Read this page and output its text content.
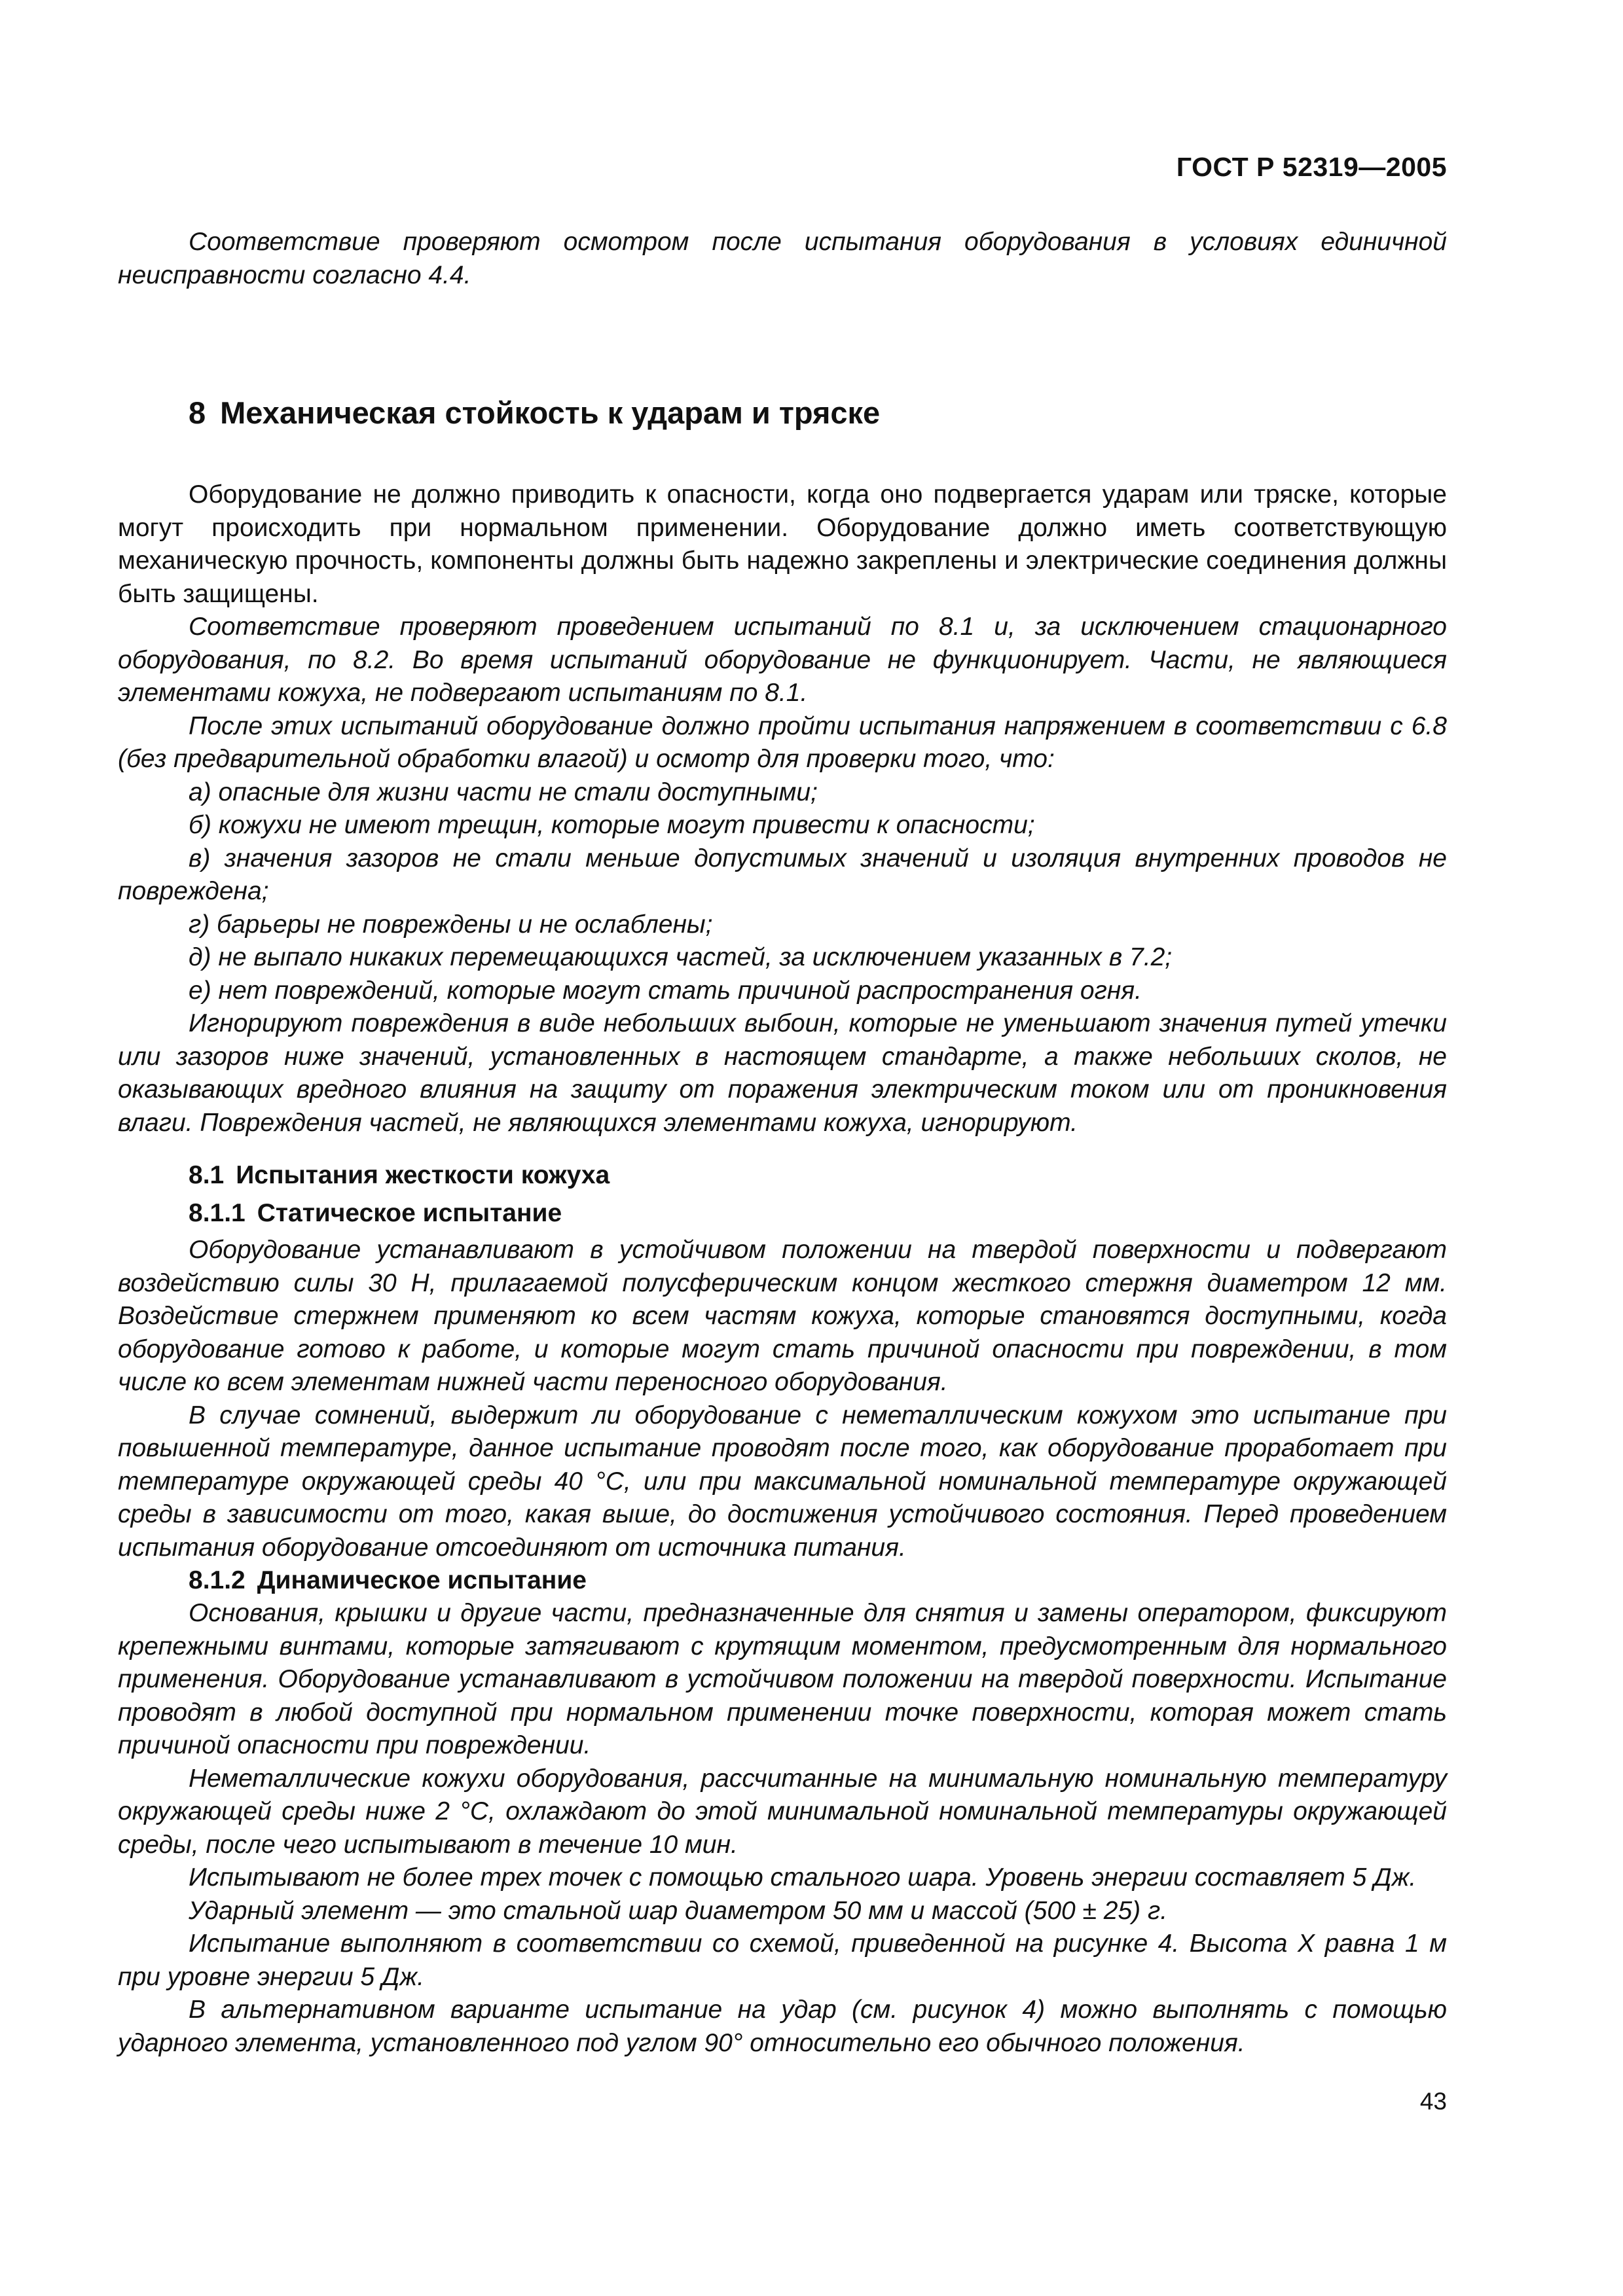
ГОСТ Р 52319—2005

Соответствие проверяют осмотром после испытания оборудования в условиях единичной неисправности согласно 4.4.

8 Механическая стойкость к ударам и тряске

Оборудование не должно приводить к опасности, когда оно подвергается ударам или тряске, которые могут происходить при нормальном применении. Оборудование должно иметь соответствующую механическую прочность, компоненты должны быть надежно закреплены и электрические соединения должны быть защищены.

Соответствие проверяют проведением испытаний по 8.1 и, за исключением стационарного оборудования, по 8.2. Во время испытаний оборудование не функционирует. Части, не являющиеся элементами кожуха, не подвергают испытаниям по 8.1.

После этих испытаний оборудование должно пройти испытания напряжением в соответствии с 6.8 (без предварительной обработки влагой) и осмотр для проверки того, что:

а) опасные для жизни части не стали доступными;

б) кожухи не имеют трещин, которые могут привести к опасности;

в) значения зазоров не стали меньше допустимых значений и изоляция внутренних проводов не повреждена;

г) барьеры не повреждены и не ослаблены;

д) не выпало никаких перемещающихся частей, за исключением указанных в 7.2;

е) нет повреждений, которые могут стать причиной распространения огня.

Игнорируют повреждения в виде небольших выбоин, которые не уменьшают значения путей утечки или зазоров ниже значений, установленных в настоящем стандарте, а также небольших сколов, не оказывающих вредного влияния на защиту от поражения электрическим током или от проникновения влаги. Повреждения частей, не являющихся элементами кожуха, игнорируют.

8.1 Испытания жесткости кожуха
8.1.1 Статическое испытание

Оборудование устанавливают в устойчивом положении на твердой поверхности и подвергают воздействию силы 30 Н, прилагаемой полусферическим концом жесткого стержня диаметром 12 мм. Воздействие стержнем применяют ко всем частям кожуха, которые становятся доступными, когда оборудование готово к работе, и которые могут стать причиной опасности при повреждении, в том числе ко всем элементам нижней части переносного оборудования.

В случае сомнений, выдержит ли оборудование с неметаллическим кожухом это испытание при повышенной температуре, данное испытание проводят после того, как оборудование проработает при температуре окружающей среды 40 °С, или при максимальной номинальной температуре окружающей среды в зависимости от того, какая выше, до достижения устойчивого состояния. Перед проведением испытания оборудование отсоединяют от источника питания.

8.1.2 Динамическое испытание

Основания, крышки и другие части, предназначенные для снятия и замены оператором, фиксируют крепежными винтами, которые затягивают с крутящим моментом, предусмотренным для нормального применения. Оборудование устанавливают в устойчивом положении на твердой поверхности. Испытание проводят в любой доступной при нормальном применении точке поверхности, которая может стать причиной опасности при повреждении.

Неметаллические кожухи оборудования, рассчитанные на минимальную номинальную температуру окружающей среды ниже 2 °С, охлаждают до этой минимальной номинальной температуры окружающей среды, после чего испытывают в течение 10 мин.

Испытывают не более трех точек с помощью стального шара. Уровень энергии составляет 5 Дж.

Ударный элемент — это стальной шар диаметром 50 мм и массой (500 ± 25) г.

Испытание выполняют в соответствии со схемой, приведенной на рисунке 4. Высота X равна 1 м при уровне энергии 5 Дж.

В альтернативном варианте испытание на удар (см. рисунок 4) можно выполнять с помощью ударного элемента, установленного под углом 90° относительно его обычного положения.

43
